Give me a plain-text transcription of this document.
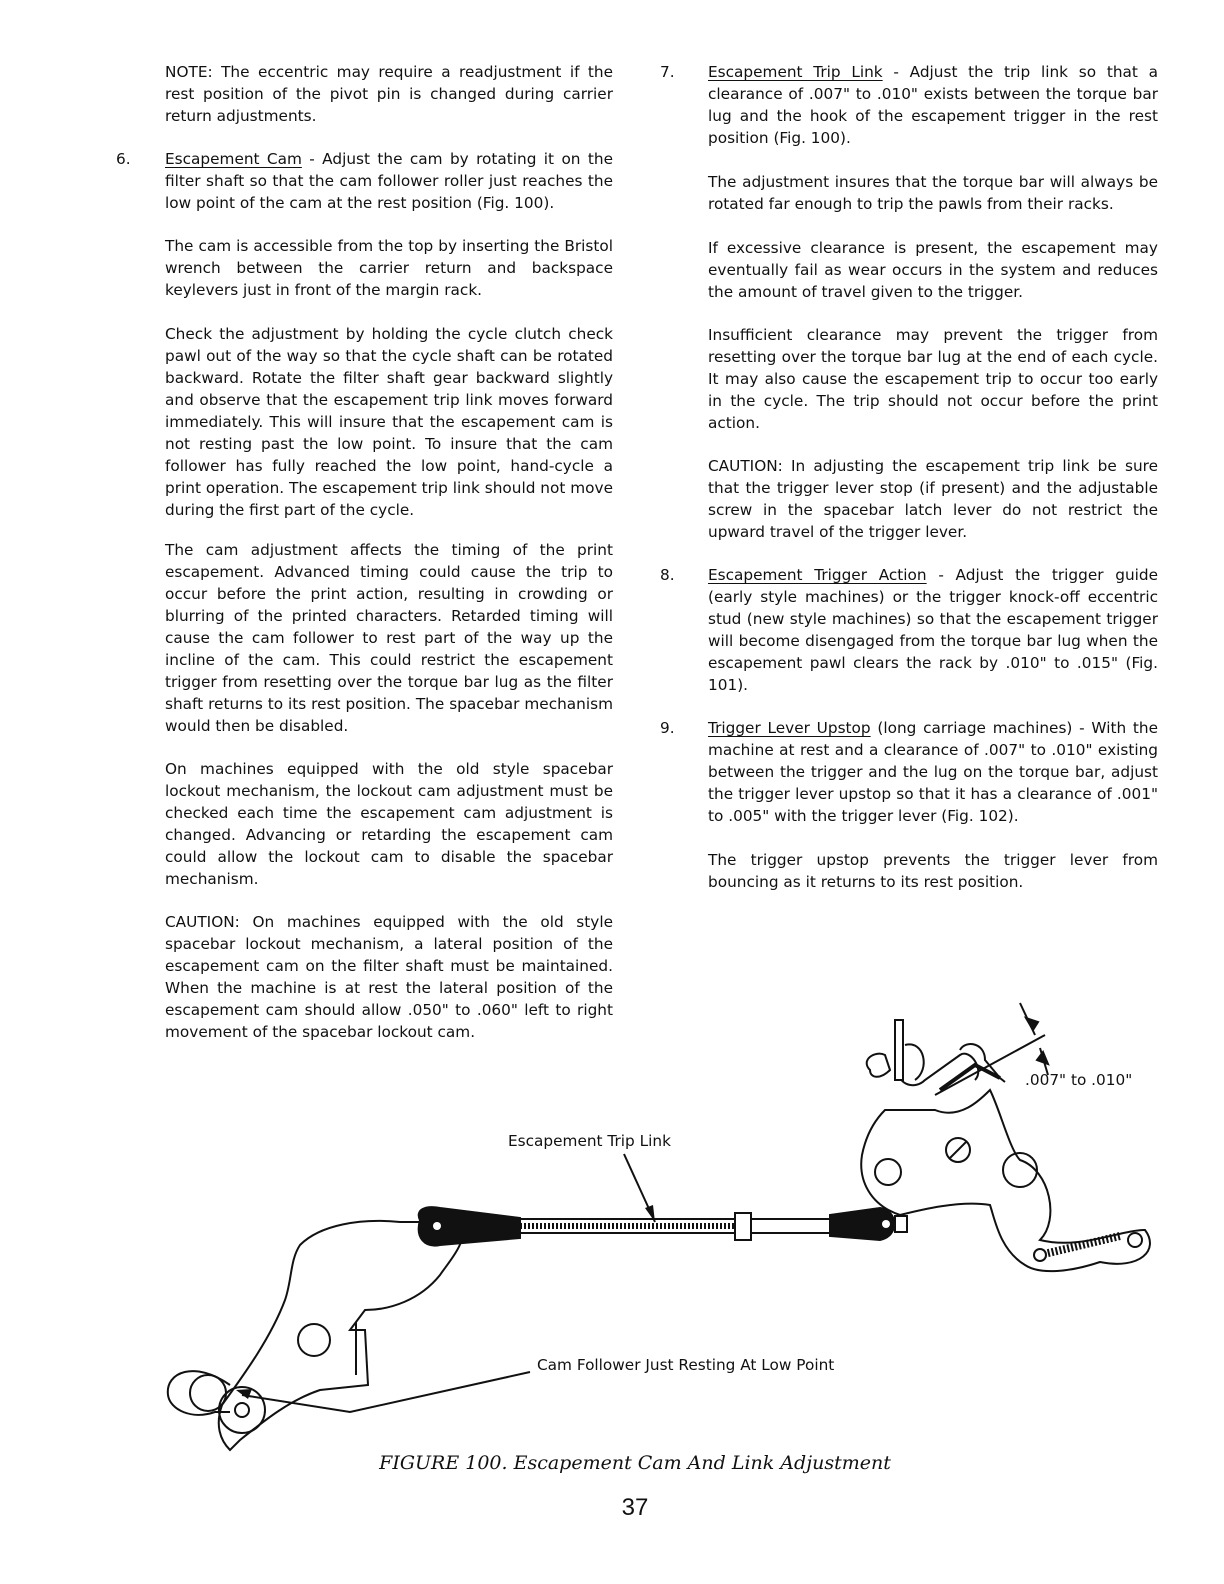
NOTE: The eccentric may require a readjustment if the rest position of the pivot pin is changed during carrier return adjustments.

6. Escapement Cam - Adjust the cam by rotating it on the filter shaft so that the cam follower roller just reaches the low point of the cam at the rest position (Fig. 100).

The cam is accessible from the top by inserting the Bristol wrench between the carrier return and backspace keylevers just in front of the margin rack.

Check the adjustment by holding the cycle clutch check pawl out of the way so that the cycle shaft can be rotated backward. Rotate the filter shaft gear backward slightly and observe that the escapement trip link moves forward immediately. This will insure that the escapement cam is not resting past the low point. To insure that the cam follower has fully reached the low point, hand-cycle a print operation. The escapement trip link should not move during the first part of the cycle.

The cam adjustment affects the timing of the print escapement. Advanced timing could cause the trip to occur before the print action, resulting in crowding or blurring of the printed characters. Retarded timing will cause the cam follower to rest part of the way up the incline of the cam. This could restrict the escapement trigger from resetting over the torque bar lug as the filter shaft returns to its rest position. The spacebar mechanism would then be disabled.

On machines equipped with the old style spacebar lockout mechanism, the lockout cam adjustment must be checked each time the escapement cam adjustment is changed. Advancing or retarding the escapement cam could allow the lockout cam to disable the spacebar mechanism.

CAUTION: On machines equipped with the old style spacebar lockout mechanism, a lateral position of the escapement cam on the filter shaft must be maintained. When the machine is at rest the lateral position of the escapement cam should allow .050" to .060" left to right movement of the spacebar lockout cam.

7. Escapement Trip Link - Adjust the trip link so that a clearance of .007" to .010" exists between the torque bar lug and the hook of the escapement trigger in the rest position (Fig. 100).

The adjustment insures that the torque bar will always be rotated far enough to trip the pawls from their racks.

If excessive clearance is present, the escapement may eventually fail as wear occurs in the system and reduces the amount of travel given to the trigger.

Insufficient clearance may prevent the trigger from resetting over the torque bar lug at the end of each cycle. It may also cause the escapement trip to occur too early in the cycle. The trip should not occur before the print action.

CAUTION: In adjusting the escapement trip link be sure that the trigger lever stop (if present) and the adjustable screw in the spacebar latch lever do not restrict the upward travel of the trigger lever.

8. Escapement Trigger Action - Adjust the trigger guide (early style machines) or the trigger knock-off eccentric stud (new style machines) so that the escapement trigger will become disengaged from the torque bar lug when the escapement pawl clears the rack by .010" to .015" (Fig. 101).

9. Trigger Lever Upstop (long carriage machines) - With the machine at rest and a clearance of .007" to .010" existing between the trigger and the lug on the torque bar, adjust the trigger lever upstop so that it has a clearance of .001" to .005" with the trigger lever (Fig. 102).

The trigger upstop prevents the trigger lever from bouncing as it returns to its rest position.

Escapement Trip Link
Cam Follower Just Resting At Low Point
.007" to .010"
FIGURE 100. Escapement Cam And Link Adjustment
37
